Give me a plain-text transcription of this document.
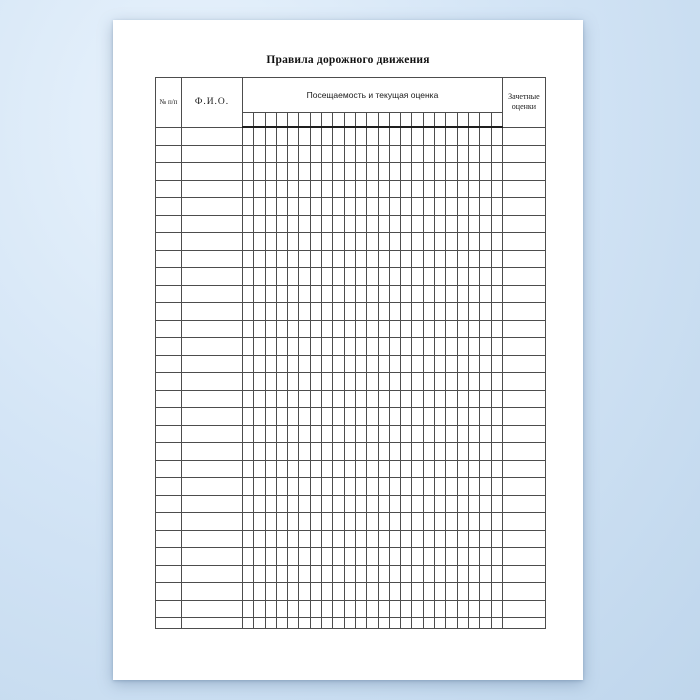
Правила дорожного движения
№ п/п	Ф.И.О.	Посещаемость и текущая оценка																							Зачетные оценки
